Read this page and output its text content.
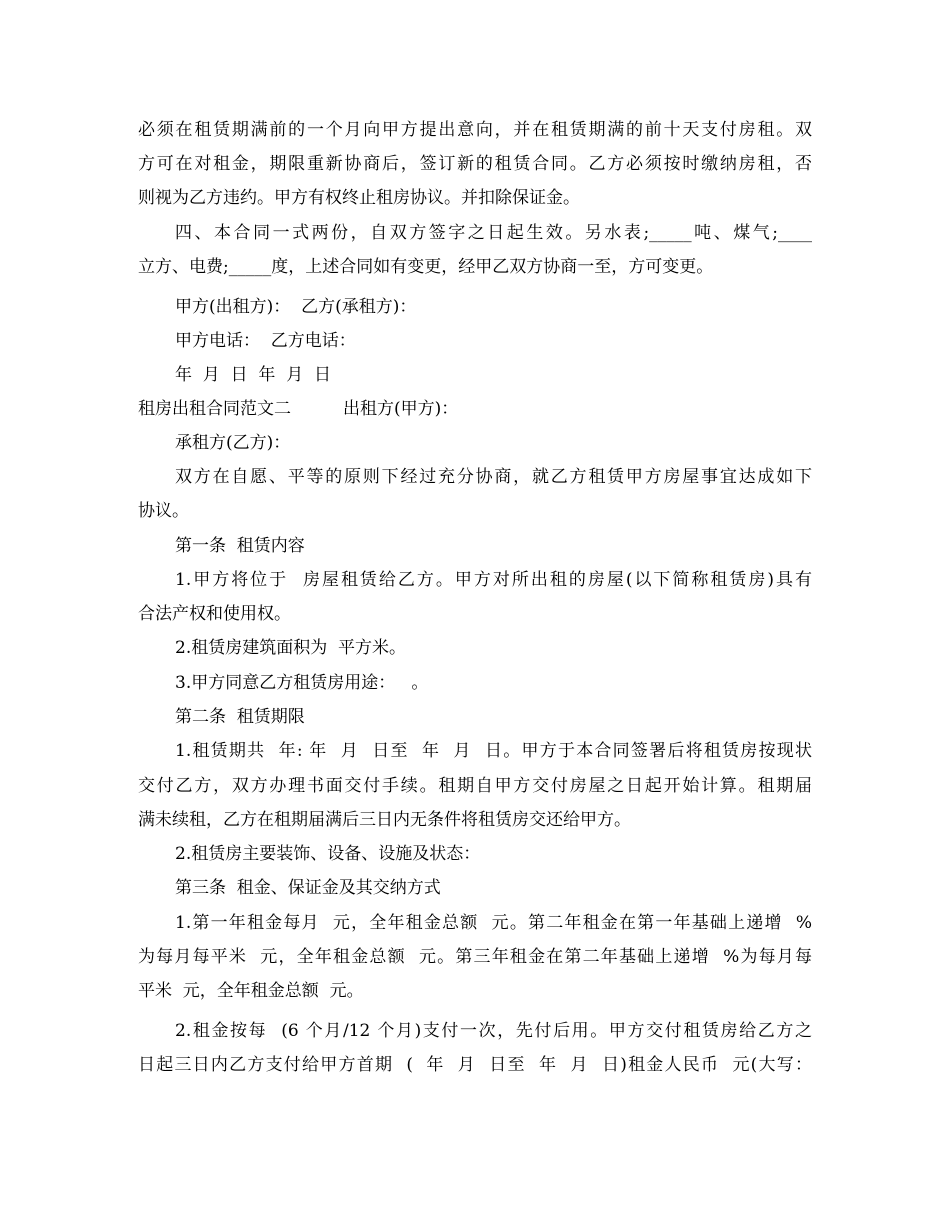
必须在租赁期满前的一个月向甲方提出意向，并在租赁期满的前十天支付房租。双
方可在对租金，期限重新协商后，签订新的租赁合同。乙方必须按时缴纳房租，否
则视为乙方违约。甲方有权终止租房协议。并扣除保证金。
四、本合同一式两份，自双方签字之日起生效。另水表;_____吨、煤气;____
立方、电费;_____度，上述合同如有变更，经甲乙双方协商一至，方可变更。
甲方(出租方)：  乙方(承租方)：
甲方电话：  乙方电话：
年  月  日  年  月  日
租房出租合同范文二	出租方(甲方)：
承租方(乙方)：
双方在自愿、平等的原则下经过充分协商，就乙方租赁甲方房屋事宜达成如下
协议。
第一条  租赁内容
1.甲方将位于  房屋租赁给乙方。甲方对所出租的房屋(以下简称租赁房)具有
合法产权和使用权。
2.租赁房建筑面积为  平方米。
3.甲方同意乙方租赁房用途：   。
第二条  租赁期限
1.租赁期共  年: 年  月  日至  年  月  日。甲方于本合同签署后将租赁房按现状
交付乙方，双方办理书面交付手续。租期自甲方交付房屋之日起开始计算。租期届
满未续租，乙方在租期届满后三日内无条件将租赁房交还给甲方。
2.租赁房主要装饰、设备、设施及状态：
第三条  租金、保证金及其交纳方式
1.第一年租金每月  元，全年租金总额  元。第二年租金在第一年基础上递增  %
为每月每平米  元，全年租金总额  元。第三年租金在第二年基础上递增  %为每月每
平米  元，全年租金总额  元。
2.租金按每  (6 个月/12 个月)支付一次，先付后用。甲方交付租赁房给乙方之
日起三日内乙方支付给甲方首期  (  年  月  日至  年  月  日)租金人民币  元(大写：
